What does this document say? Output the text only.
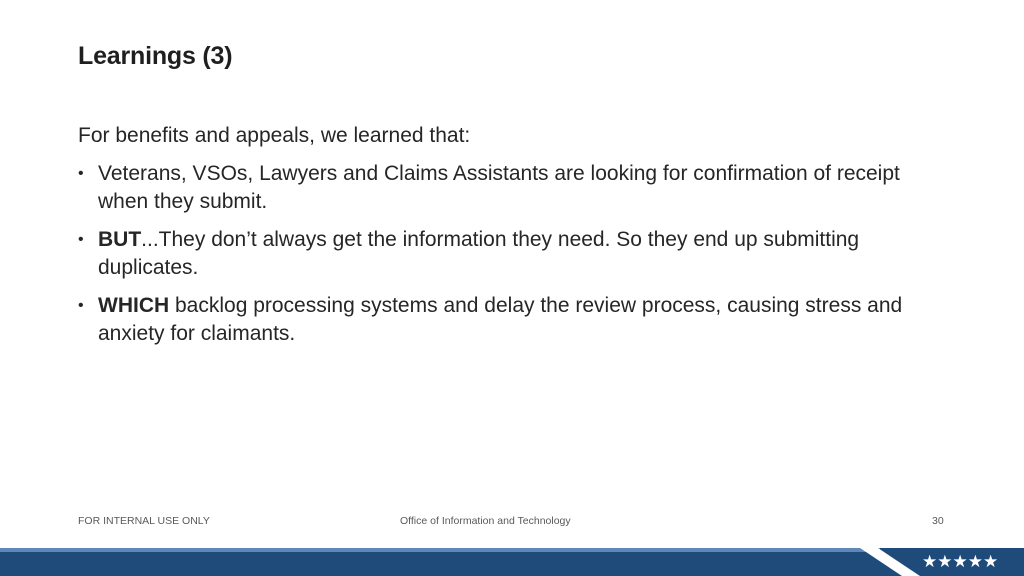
Learnings (3)

For benefits and appeals, we learned that:

• Veterans, VSOs, Lawyers and Claims Assistants are looking for confirmation of receipt when they submit.
• BUT...They don’t always get the information they need. So they end up submitting duplicates.
• WHICH backlog processing systems and delay the review process, causing stress and anxiety for claimants.
FOR INTERNAL USE ONLY	Office of Information and Technology	30
★★★★★
